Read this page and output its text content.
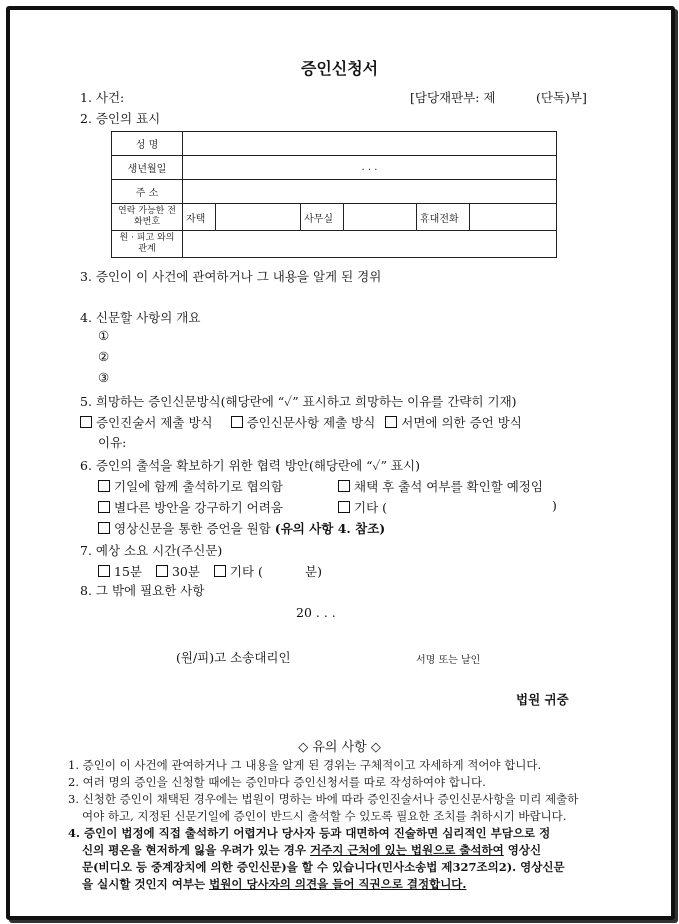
증인신청서
1. 사건:	[담당재판부: 제	(단독)부]
2. 증인의 표시
성 명						
생년월일	. . .					
주 소						
연락 가능한 전화번호	자택		사무실		휴대전화	
원 · 피고 와의 관계						
3. 증인이 이 사건에 관여하거나 그 내용을 알게 된 경위
4. 신문할 사항의 개요
①
②
③
5. 희망하는 증인신문방식(해당란에 “✓” 표시하고 희망하는 이유를 간략히 기재)
증인진술서 제출 방식	증인신문사항 제출 방식 서면에 의한 증언 방식
이유:
6. 증인의 출석을 확보하기 위한 협력 방안(해당란에 “✓” 표시)
기일에 함께 출석하기로 협의함	채택 후 출석 여부를 확인할 예정임
별다른 방안을 강구하기 어려움	기타 (	)
영상신문을 통한 증언을 원함 (유의 사항 4. 참조)
7. 예상 소요 시간(주신문)
15분 30분 기타 (	분)
8. 그 밖에 필요한 사항
20 . . .
(원/피)고 소송대리인	서명 또는 날인
법원 귀중
◇ 유의 사항 ◇

1. 증인이 이 사건에 관여하거나 그 내용을 알게 된 경위는 구체적이고 자세하게 적어야 합니다.

2. 여러 명의 증인을 신청할 때에는 증인마다 증인신청서를 따로 작성하여야 합니다.

3. 신청한 증인이 채택된 경우에는 법원이 명하는 바에 따라 증인진술서나 증인신문사항을 미리 제출하

여야 하고, 지정된 신문기일에 증인이 반드시 출석할 수 있도록 필요한 조치를 취하시기 바랍니다.

4. 증인이 법정에 직접 출석하기 어렵거나 당사자 등과 대면하여 진술하면 심리적인 부담으로 정

신의 평온을 현저하게 잃을 우려가 있는 경우 거주지 근처에 있는 법원으로 출석하여 영상신

문(비디오 등 중계장치에 의한 증인신문)을 할 수 있습니다(민사소송법 제327조의2). 영상신문

을 실시할 것인지 여부는 법원이 당사자의 의견을 들어 직권으로 결정합니다.
